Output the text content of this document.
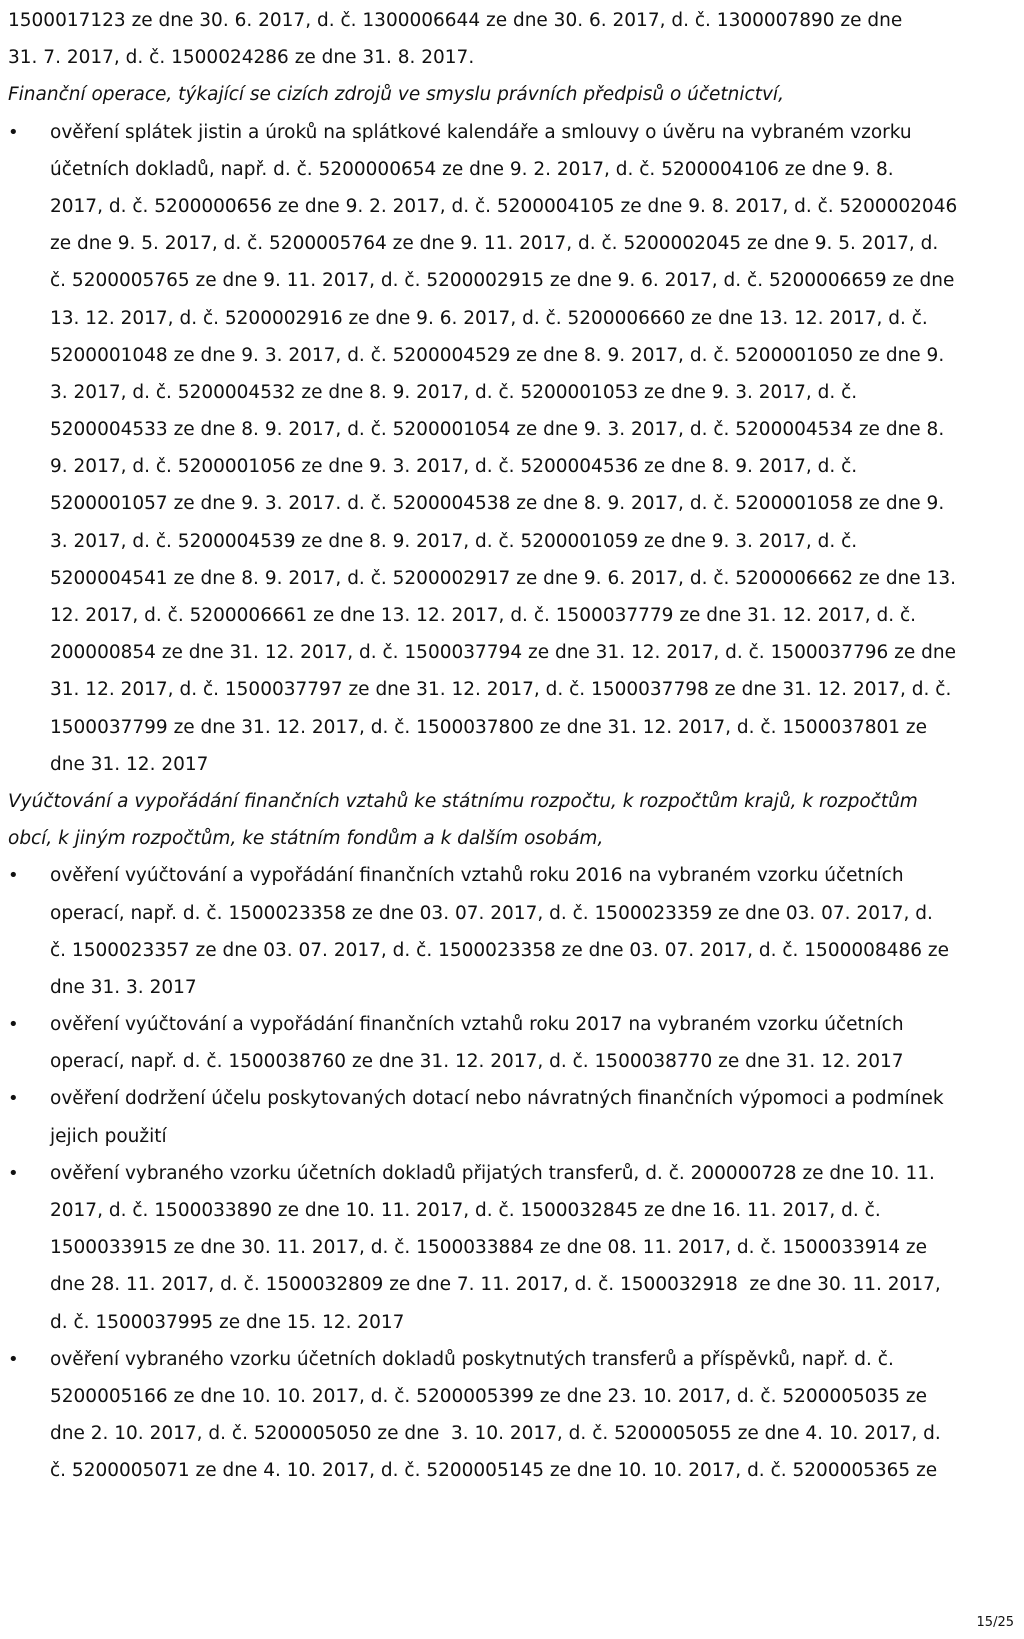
1500017123 ze dne 30. 6. 2017, d. č. 1300006644 ze dne 30. 6. 2017, d. č. 1300007890 ze dne
31. 7. 2017, d. č. 1500024286 ze dne 31. 8. 2017.
Finanční operace, týkající se cizích zdrojů ve smyslu právních předpisů o účetnictví,
•	ověření splátek jistin a úroků na splátkové kalendáře a smlouvy o úvěru na vybraném vzorku
účetních dokladů, např. d. č. 5200000654 ze dne 9. 2. 2017, d. č. 5200004106 ze dne 9. 8.
2017, d. č. 5200000656 ze dne 9. 2. 2017, d. č. 5200004105 ze dne 9. 8. 2017, d. č. 5200002046
ze dne 9. 5. 2017, d. č. 5200005764 ze dne 9. 11. 2017, d. č. 5200002045 ze dne 9. 5. 2017, d.
č. 5200005765 ze dne 9. 11. 2017, d. č. 5200002915 ze dne 9. 6. 2017, d. č. 5200006659 ze dne
13. 12. 2017, d. č. 5200002916 ze dne 9. 6. 2017, d. č. 5200006660 ze dne 13. 12. 2017, d. č.
5200001048 ze dne 9. 3. 2017, d. č. 5200004529 ze dne 8. 9. 2017, d. č. 5200001050 ze dne 9.
3. 2017, d. č. 5200004532 ze dne 8. 9. 2017, d. č. 5200001053 ze dne 9. 3. 2017, d. č.
5200004533 ze dne 8. 9. 2017, d. č. 5200001054 ze dne 9. 3. 2017, d. č. 5200004534 ze dne 8.
9. 2017, d. č. 5200001056 ze dne 9. 3. 2017, d. č. 5200004536 ze dne 8. 9. 2017, d. č.
5200001057 ze dne 9. 3. 2017. d. č. 5200004538 ze dne 8. 9. 2017, d. č. 5200001058 ze dne 9.
3. 2017, d. č. 5200004539 ze dne 8. 9. 2017, d. č. 5200001059 ze dne 9. 3. 2017, d. č.
5200004541 ze dne 8. 9. 2017, d. č. 5200002917 ze dne 9. 6. 2017, d. č. 5200006662 ze dne 13.
12. 2017, d. č. 5200006661 ze dne 13. 12. 2017, d. č. 1500037779 ze dne 31. 12. 2017, d. č.
200000854 ze dne 31. 12. 2017, d. č. 1500037794 ze dne 31. 12. 2017, d. č. 1500037796 ze dne
31. 12. 2017, d. č. 1500037797 ze dne 31. 12. 2017, d. č. 1500037798 ze dne 31. 12. 2017, d. č.
1500037799 ze dne 31. 12. 2017, d. č. 1500037800 ze dne 31. 12. 2017, d. č. 1500037801 ze
dne 31. 12. 2017
Vyúčtování a vypořádání finančních vztahů ke státnímu rozpočtu, k rozpočtům krajů, k rozpočtům
obcí, k jiným rozpočtům, ke státním fondům a k dalším osobám,
•	ověření vyúčtování a vypořádání finančních vztahů roku 2016 na vybraném vzorku účetních
operací, např. d. č. 1500023358 ze dne 03. 07. 2017, d. č. 1500023359 ze dne 03. 07. 2017, d.
č. 1500023357 ze dne 03. 07. 2017, d. č. 1500023358 ze dne 03. 07. 2017, d. č. 1500008486 ze
dne 31. 3. 2017
•	ověření vyúčtování a vypořádání finančních vztahů roku 2017 na vybraném vzorku účetních
operací, např. d. č. 1500038760 ze dne 31. 12. 2017, d. č. 1500038770 ze dne 31. 12. 2017
•	ověření dodržení účelu poskytovaných dotací nebo návratných finančních výpomoci a podmínek
jejich použití
•	ověření vybraného vzorku účetních dokladů přijatých transferů, d. č. 200000728 ze dne 10. 11.
2017, d. č. 1500033890 ze dne 10. 11. 2017, d. č. 1500032845 ze dne 16. 11. 2017, d. č.
1500033915 ze dne 30. 11. 2017, d. č. 1500033884 ze dne 08. 11. 2017, d. č. 1500033914 ze
dne 28. 11. 2017, d. č. 1500032809 ze dne 7. 11. 2017, d. č. 1500032918  ze dne 30. 11. 2017,
d. č. 1500037995 ze dne 15. 12. 2017
•	ověření vybraného vzorku účetních dokladů poskytnutých transferů a příspěvků, např. d. č.
5200005166 ze dne 10. 10. 2017, d. č. 5200005399 ze dne 23. 10. 2017, d. č. 5200005035 ze
dne 2. 10. 2017, d. č. 5200005050 ze dne  3. 10. 2017, d. č. 5200005055 ze dne 4. 10. 2017, d.
č. 5200005071 ze dne 4. 10. 2017, d. č. 5200005145 ze dne 10. 10. 2017, d. č. 5200005365 ze
15/25
